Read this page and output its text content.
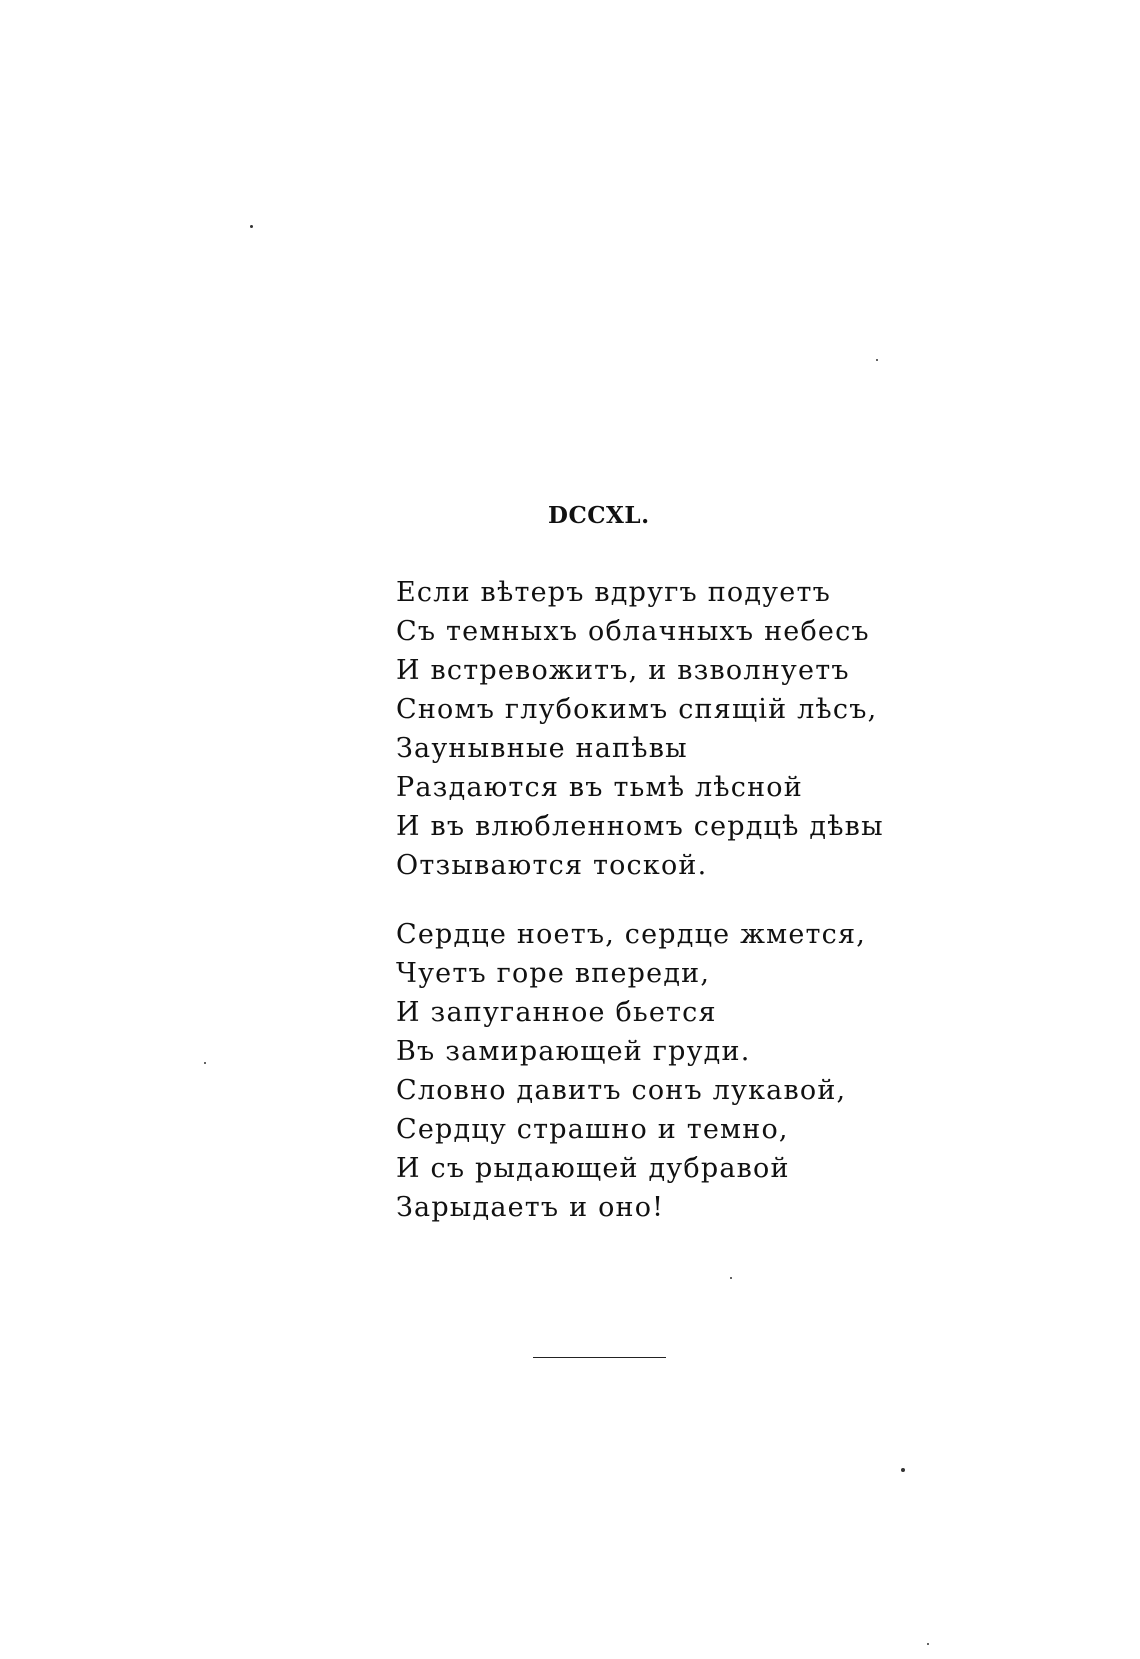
DCCXL.
Если вѣтеръ вдругъ подуетъ
Съ темныхъ облачныхъ небесъ
И встревожитъ, и взволнуетъ
Сномъ глубокимъ спящій лѣсъ,
Заунывные напѣвы
Раздаются въ тьмѣ лѣсной
И въ влюбленномъ сердцѣ дѣвы
Отзываются тоской.
Сердце ноетъ, сердце жмется,
Чуетъ горе впереди,
И запуганное бьется
Въ замирающей груди.
Словно давитъ сонъ лукавой,
Сердцу страшно и темно,
И съ рыдающей дубравой
Зарыдаетъ и оно!
